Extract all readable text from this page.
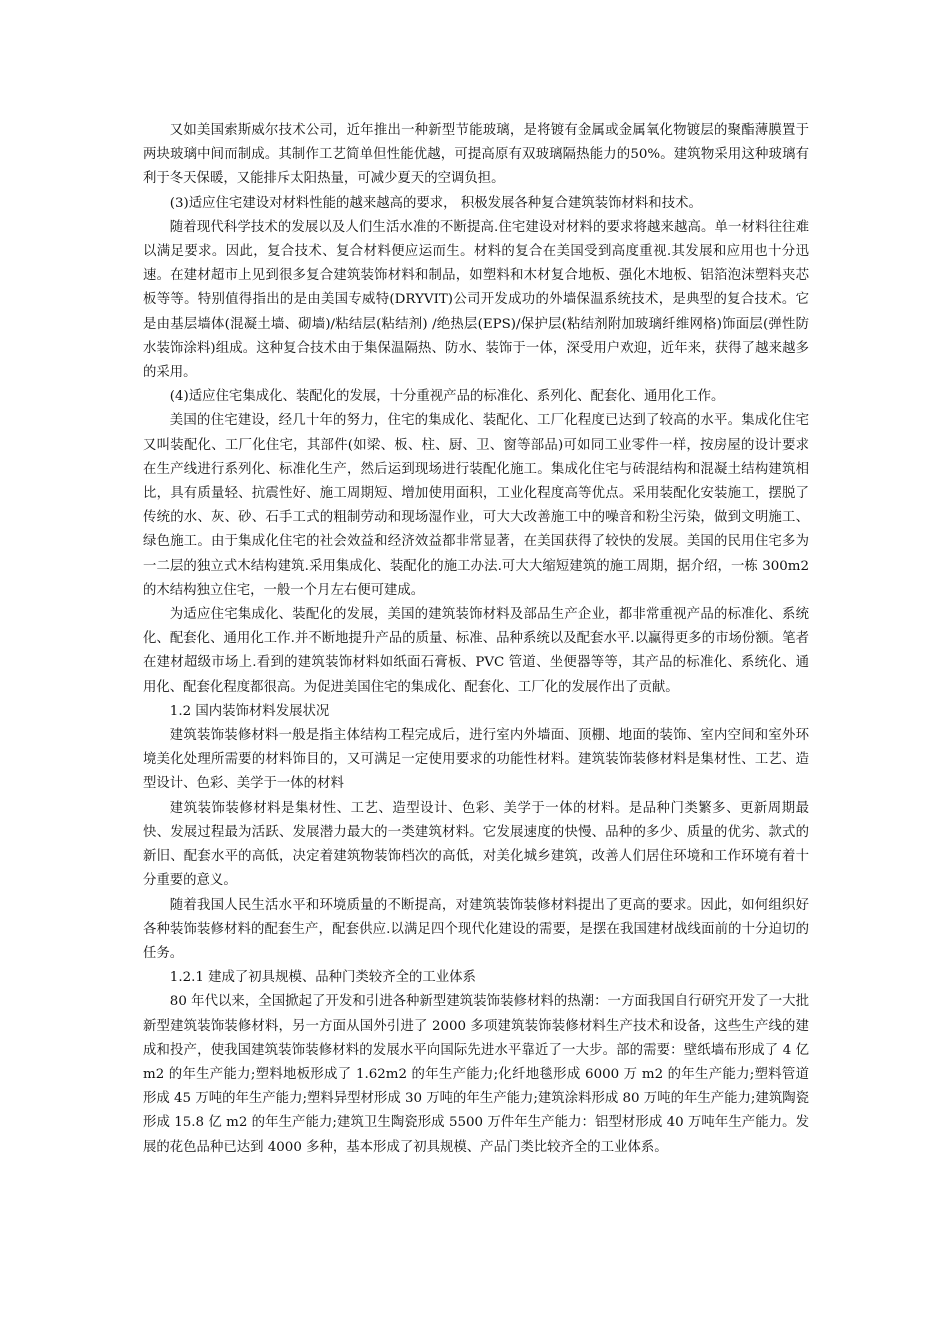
又如美国索斯威尔技术公司，近年推出一种新型节能玻璃，是将镀有金属或金属氧化物镀层的聚酯薄膜置于两块玻璃中间而制成。其制作工艺简单但性能优越，可提高原有双玻璃隔热能力的50%。建筑物采用这种玻璃有利于冬天保暖，又能排斥太阳热量，可减少夏天的空调负担。

(3)适应住宅建设对材料性能的越来越高的要求， 积极发展各种复合建筑装饰材料和技术。

随着现代科学技术的发展以及人们生活水准的不断提高.住宅建设对材料的要求将越来越高。单一材料往往难以满足要求。因此，复合技术、复合材料便应运而生。材料的复合在美国受到高度重视.其发展和应用也十分迅速。在建材超市上见到很多复合建筑装饰材料和制品，如塑料和木材复合地板、强化木地板、铝箔泡沫塑料夹芯板等等。特别值得指出的是由美国专威特(DRYVIT)公司开发成功的外墙保温系统技术，是典型的复合技术。它是由基层墙体(混凝土墙、砌墙)/粘结层(粘结剂) /绝热层(EPS)/保护层(粘结剂附加玻璃纤维网格)饰面层(弹性防水装饰涂料)组成。这种复合技术由于集保温隔热、防水、装饰于一体，深受用户欢迎，近年来，获得了越来越多的采用。

(4)适应住宅集成化、装配化的发展，十分重视产品的标准化、系列化、配套化、通用化工作。

美国的住宅建设，经几十年的努力，住宅的集成化、装配化、工厂化程度已达到了较高的水平。集成化住宅又叫装配化、工厂化住宅，其部件(如梁、板、柱、厨、卫、窗等部品)可如同工业零件一样，按房屋的设计要求在生产线进行系列化、标准化生产，然后运到现场进行装配化施工。集成化住宅与砖混结构和混凝土结构建筑相比，具有质量轻、抗震性好、施工周期短、增加使用面积，工业化程度高等优点。采用装配化安装施工，摆脱了传统的水、灰、砂、石手工式的粗制劳动和现场湿作业，可大大改善施工中的噪音和粉尘污染，做到文明施工、绿色施工。由于集成化住宅的社会效益和经济效益都非常显著，在美国获得了较快的发展。美国的民用住宅多为一二层的独立式木结构建筑.采用集成化、装配化的施工办法.可大大缩短建筑的施工周期，据介绍，一栋 300m2 的木结构独立住宅，一般一个月左右便可建成。

为适应住宅集成化、装配化的发展，美国的建筑装饰材料及部品生产企业，都非常重视产品的标准化、系统化、配套化、通用化工作.并不断地提升产品的质量、标准、品种系统以及配套水平.以赢得更多的市场份额。笔者在建材超级市场上.看到的建筑装饰材料如纸面石膏板、PVC 管道、坐便器等等，其产品的标准化、系统化、通用化、配套化程度都很高。为促进美国住宅的集成化、配套化、工厂化的发展作出了贡献。

1.2 国内装饰材料发展状况

建筑装饰装修材料一般是指主体结构工程完成后，进行室内外墙面、顶棚、地面的装饰、室内空间和室外环境美化处理所需要的材料饰目的，又可满足一定使用要求的功能性材料。建筑装饰装修材料是集材性、工艺、造型设计、色彩、美学于一体的材料

建筑装饰装修材料是集材性、工艺、造型设计、色彩、美学于一体的材料。是品种门类繁多、更新周期最快、发展过程最为活跃、发展潜力最大的一类建筑材料。它发展速度的快慢、品种的多少、质量的优劣、款式的新旧、配套水平的高低，决定着建筑物装饰档次的高低，对美化城乡建筑，改善人们居住环境和工作环境有着十分重要的意义。

随着我国人民生活水平和环境质量的不断提高，对建筑装饰装修材料提出了更高的要求。因此，如何组织好各种装饰装修材料的配套生产，配套供应.以满足四个现代化建设的需要，是摆在我国建材战线面前的十分迫切的任务。

1.2.1 建成了初具规模、品种门类较齐全的工业体系

80 年代以来，全国掀起了开发和引进各种新型建筑装饰装修材料的热潮：一方面我国自行研究开发了一大批新型建筑装饰装修材料，另一方面从国外引进了 2000 多项建筑装饰装修材料生产技术和设备，这些生产线的建成和投产，使我国建筑装饰装修材料的发展水平向国际先进水平靠近了一大步。部的需要：壁纸墙布形成了 4 亿 m2 的年生产能力;塑料地板形成了 1.62m2 的年生产能力;化纤地毯形成 6000 万 m2 的年生产能力;塑料管道形成 45 万吨的年生产能力;塑料异型材形成 30 万吨的年生产能力;建筑涂料形成 80 万吨的年生产能力;建筑陶瓷形成 15.8 亿 m2 的年生产能力;建筑卫生陶瓷形成 5500 万件年生产能力：铝型材形成 40 万吨年生产能力。发展的花色品种已达到 4000 多种，基本形成了初具规模、产品门类比较齐全的工业体系。
